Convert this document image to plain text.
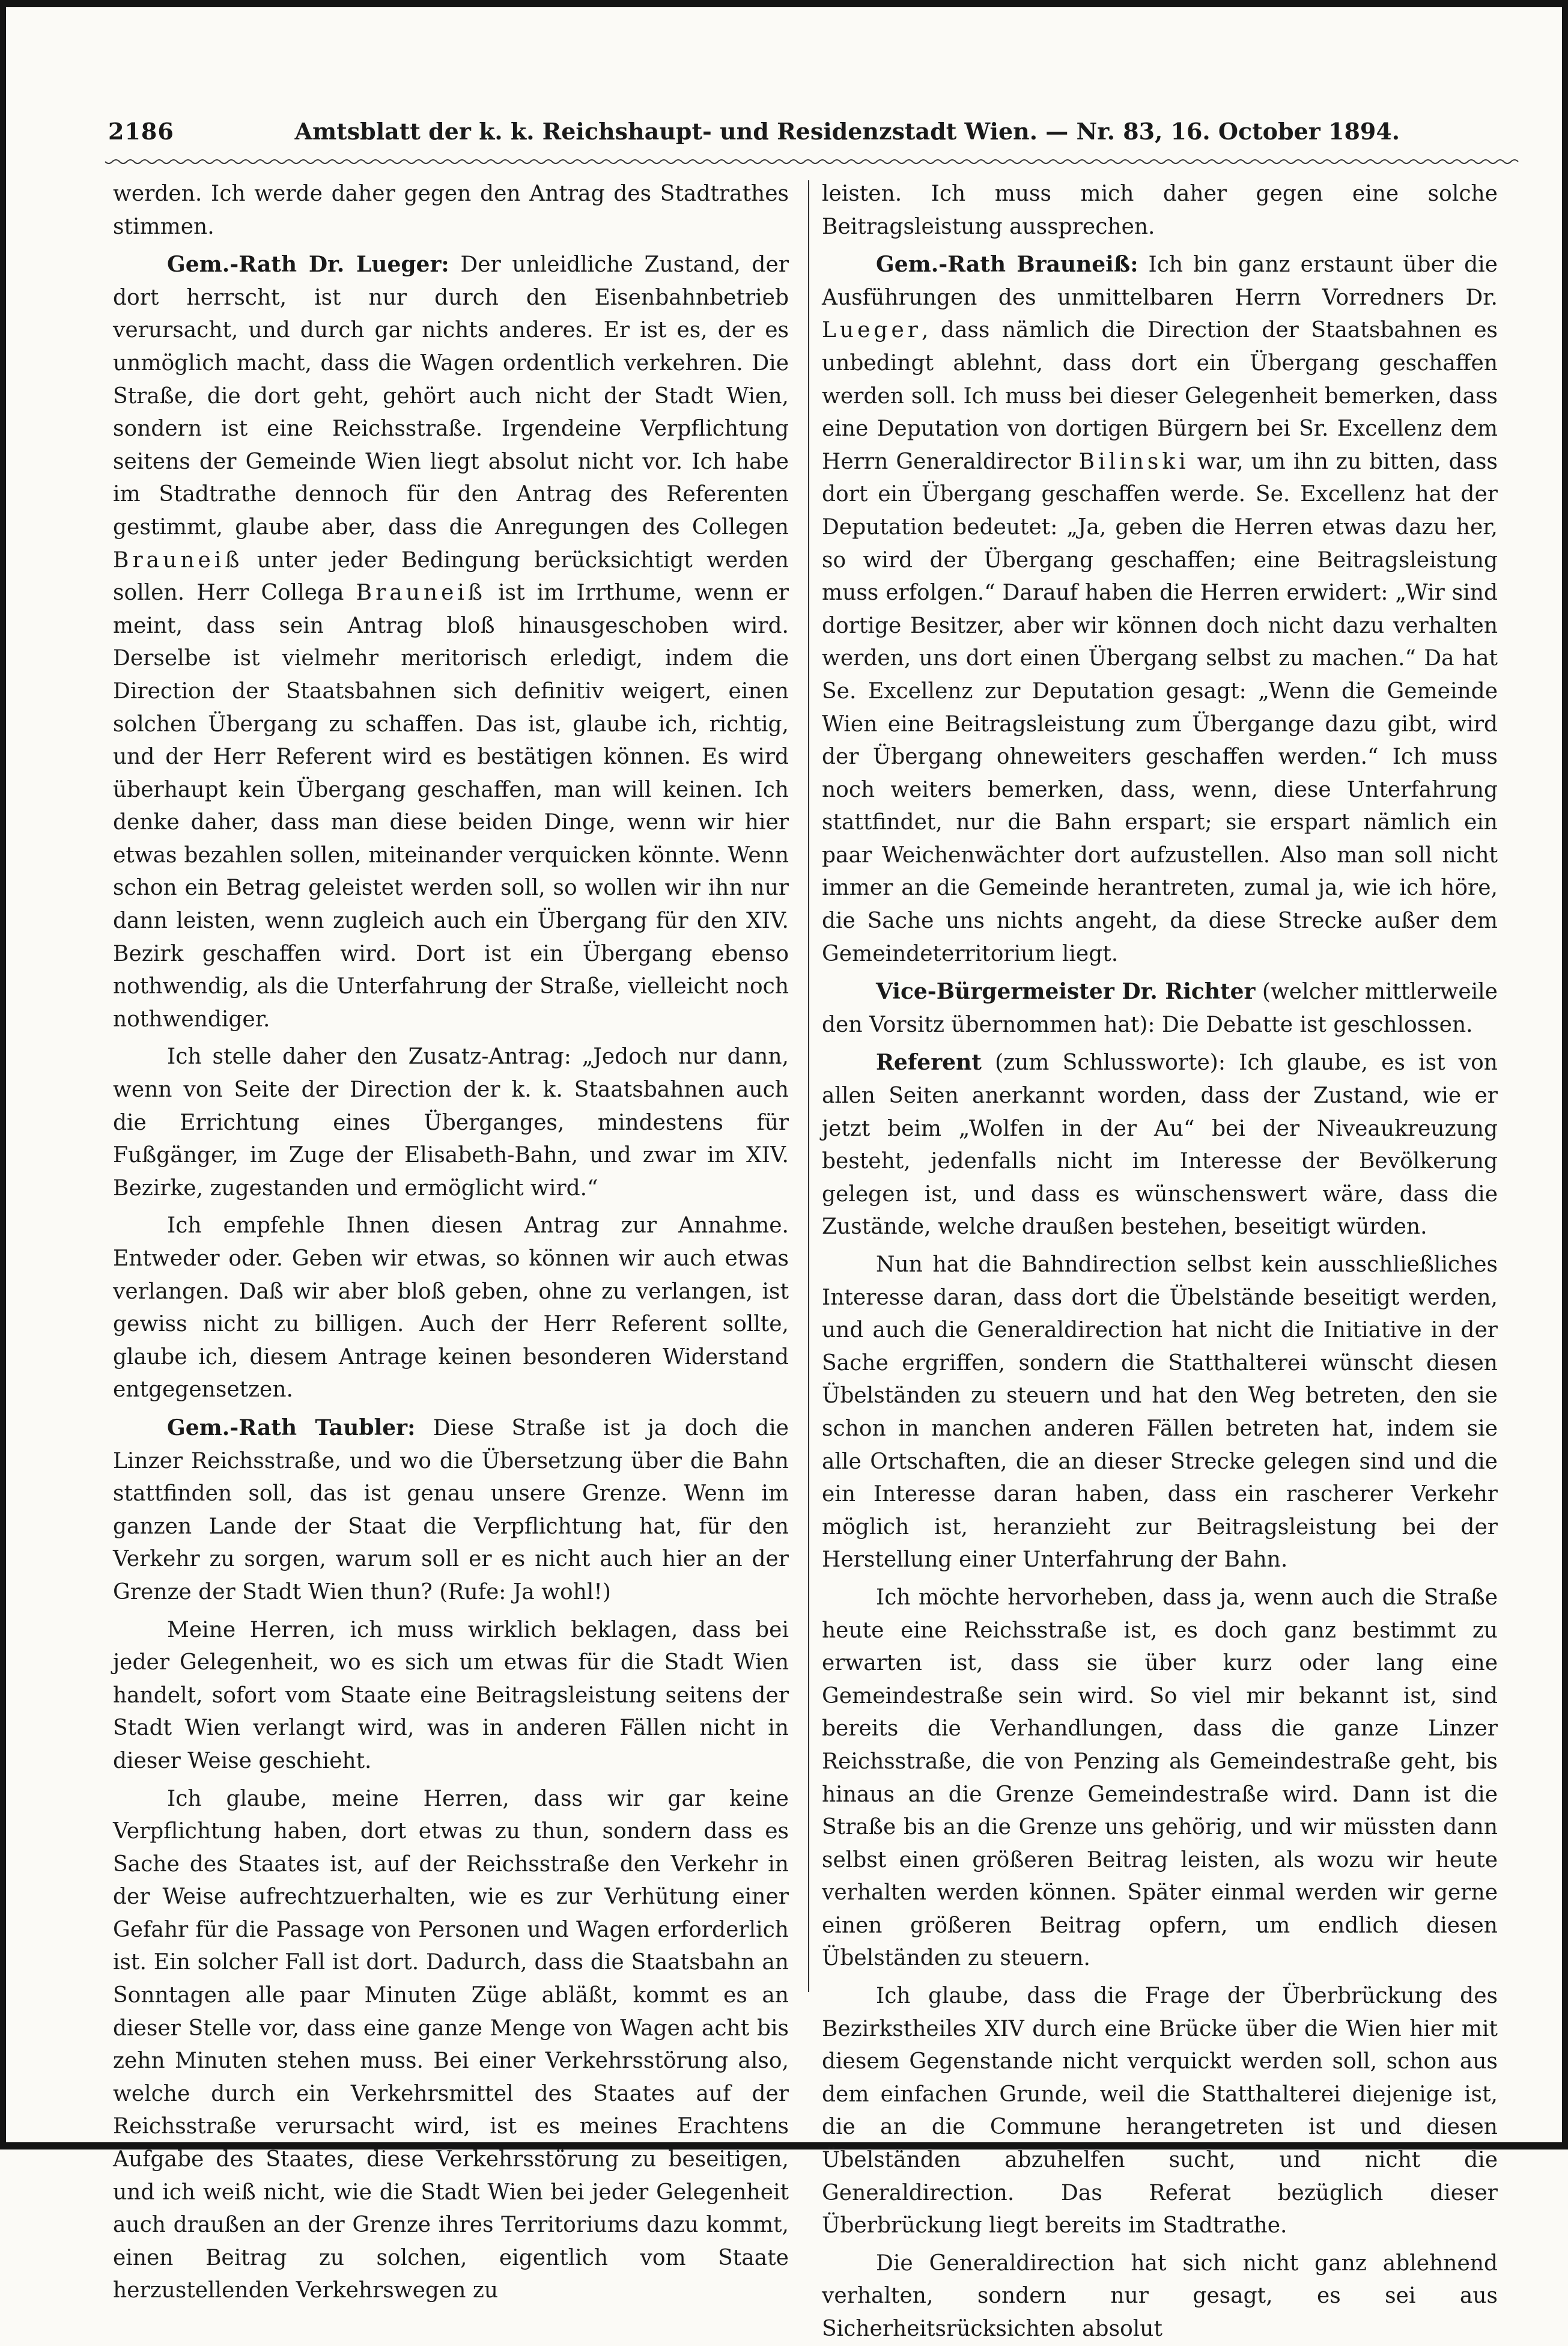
2186	Amtsblatt der k. k. Reichshaupt- und Residenzstadt Wien. — Nr. 83, 16. October 1894.

werden. Ich werde daher gegen den Antrag des Stadtrathes stimmen.

Gem.-Rath Dr. Lueger: Der unleidliche Zustand, der dort herrscht, ist nur durch den Eisenbahnbetrieb verursacht, und durch gar nichts anderes. Er ist es, der es unmöglich macht, dass die Wagen ordentlich verkehren. Die Straße, die dort geht, gehört auch nicht der Stadt Wien, sondern ist eine Reichsstraße. Irgendeine Verpflichtung seitens der Gemeinde Wien liegt absolut nicht vor. Ich habe im Stadtrathe dennoch für den Antrag des Referenten gestimmt, glaube aber, dass die Anregungen des Collegen Brauneiß unter jeder Bedingung berücksichtigt werden sollen. Herr Collega Brauneiß ist im Irrthume, wenn er meint, dass sein Antrag bloß hinausgeschoben wird. Derselbe ist vielmehr meritorisch erledigt, indem die Direction der Staatsbahnen sich definitiv weigert, einen solchen Übergang zu schaffen. Das ist, glaube ich, richtig, und der Herr Referent wird es bestätigen können. Es wird überhaupt kein Übergang geschaffen, man will keinen. Ich denke daher, dass man diese beiden Dinge, wenn wir hier etwas bezahlen sollen, miteinander verquicken könnte. Wenn schon ein Betrag geleistet werden soll, so wollen wir ihn nur dann leisten, wenn zugleich auch ein Übergang für den XIV. Bezirk geschaffen wird. Dort ist ein Übergang ebenso nothwendig, als die Unterfahrung der Straße, vielleicht noch nothwendiger.

Ich stelle daher den Zusatz-Antrag: „Jedoch nur dann, wenn von Seite der Direction der k. k. Staatsbahnen auch die Errichtung eines Überganges, mindestens für Fußgänger, im Zuge der Elisabeth-Bahn, und zwar im XIV. Bezirke, zugestanden und ermöglicht wird.“

Ich empfehle Ihnen diesen Antrag zur Annahme. Entweder oder. Geben wir etwas, so können wir auch etwas verlangen. Daß wir aber bloß geben, ohne zu verlangen, ist gewiss nicht zu billigen. Auch der Herr Referent sollte, glaube ich, diesem Antrage keinen besonderen Widerstand entgegensetzen.

Gem.-Rath Taubler: Diese Straße ist ja doch die Linzer Reichsstraße, und wo die Übersetzung über die Bahn stattfinden soll, das ist genau unsere Grenze. Wenn im ganzen Lande der Staat die Verpflichtung hat, für den Verkehr zu sorgen, warum soll er es nicht auch hier an der Grenze der Stadt Wien thun? (Rufe: Ja wohl!)

Meine Herren, ich muss wirklich beklagen, dass bei jeder Gelegenheit, wo es sich um etwas für die Stadt Wien handelt, sofort vom Staate eine Beitragsleistung seitens der Stadt Wien verlangt wird, was in anderen Fällen nicht in dieser Weise geschieht.

Ich glaube, meine Herren, dass wir gar keine Verpflichtung haben, dort etwas zu thun, sondern dass es Sache des Staates ist, auf der Reichsstraße den Verkehr in der Weise aufrechtzuerhalten, wie es zur Verhütung einer Gefahr für die Passage von Personen und Wagen erforderlich ist. Ein solcher Fall ist dort. Dadurch, dass die Staatsbahn an Sonntagen alle paar Minuten Züge abläßt, kommt es an dieser Stelle vor, dass eine ganze Menge von Wagen acht bis zehn Minuten stehen muss. Bei einer Verkehrsstörung also, welche durch ein Verkehrsmittel des Staates auf der Reichsstraße verursacht wird, ist es meines Erachtens Aufgabe des Staates, diese Verkehrsstörung zu beseitigen, und ich weiß nicht, wie die Stadt Wien bei jeder Gelegenheit auch draußen an der Grenze ihres Territoriums dazu kommt, einen Beitrag zu solchen, eigentlich vom Staate herzustellenden Verkehrswegen zu

leisten. Ich muss mich daher gegen eine solche Beitragsleistung aussprechen.

Gem.-Rath Brauneiß: Ich bin ganz erstaunt über die Ausführungen des unmittelbaren Herrn Vorredners Dr. Lueger, dass nämlich die Direction der Staatsbahnen es unbedingt ablehnt, dass dort ein Übergang geschaffen werden soll. Ich muss bei dieser Gelegenheit bemerken, dass eine Deputation von dortigen Bürgern bei Sr. Excellenz dem Herrn Generaldirector Bilinski war, um ihn zu bitten, dass dort ein Übergang geschaffen werde. Se. Excellenz hat der Deputation bedeutet: „Ja, geben die Herren etwas dazu her, so wird der Übergang geschaffen; eine Beitragsleistung muss erfolgen.“ Darauf haben die Herren erwidert: „Wir sind dortige Besitzer, aber wir können doch nicht dazu verhalten werden, uns dort einen Übergang selbst zu machen.“ Da hat Se. Excellenz zur Deputation gesagt: „Wenn die Gemeinde Wien eine Beitragsleistung zum Übergange dazu gibt, wird der Übergang ohneweiters geschaffen werden.“ Ich muss noch weiters bemerken, dass, wenn, diese Unterfahrung stattfindet, nur die Bahn erspart; sie erspart nämlich ein paar Weichenwächter dort aufzustellen. Also man soll nicht immer an die Gemeinde herantreten, zumal ja, wie ich höre, die Sache uns nichts angeht, da diese Strecke außer dem Gemeindeterritorium liegt.

Vice-Bürgermeister Dr. Richter (welcher mittlerweile den Vorsitz übernommen hat): Die Debatte ist geschlossen.

Referent (zum Schlussworte): Ich glaube, es ist von allen Seiten anerkannt worden, dass der Zustand, wie er jetzt beim „Wolfen in der Au“ bei der Niveaukreuzung besteht, jedenfalls nicht im Interesse der Bevölkerung gelegen ist, und dass es wünschenswert wäre, dass die Zustände, welche draußen bestehen, beseitigt würden.

Nun hat die Bahndirection selbst kein ausschließliches Interesse daran, dass dort die Übelstände beseitigt werden, und auch die Generaldirection hat nicht die Initiative in der Sache ergriffen, sondern die Statthalterei wünscht diesen Übelständen zu steuern und hat den Weg betreten, den sie schon in manchen anderen Fällen betreten hat, indem sie alle Ortschaften, die an dieser Strecke gelegen sind und die ein Interesse daran haben, dass ein rascherer Verkehr möglich ist, heranzieht zur Beitragsleistung bei der Herstellung einer Unterfahrung der Bahn.

Ich möchte hervorheben, dass ja, wenn auch die Straße heute eine Reichsstraße ist, es doch ganz bestimmt zu erwarten ist, dass sie über kurz oder lang eine Gemeindestraße sein wird. So viel mir bekannt ist, sind bereits die Verhandlungen, dass die ganze Linzer Reichsstraße, die von Penzing als Gemeindestraße geht, bis hinaus an die Grenze Gemeindestraße wird. Dann ist die Straße bis an die Grenze uns gehörig, und wir müssten dann selbst einen größeren Beitrag leisten, als wozu wir heute verhalten werden können. Später einmal werden wir gerne einen größeren Beitrag opfern, um endlich diesen Übelständen zu steuern.

Ich glaube, dass die Frage der Überbrückung des Bezirkstheiles XIV durch eine Brücke über die Wien hier mit diesem Gegenstande nicht verquickt werden soll, schon aus dem einfachen Grunde, weil die Statthalterei diejenige ist, die an die Commune herangetreten ist und diesen Übelständen abzuhelfen sucht, und nicht die Generaldirection. Das Referat bezüglich dieser Überbrückung liegt bereits im Stadtrathe.

Die Generaldirection hat sich nicht ganz ablehnend verhalten, sondern nur gesagt, es sei aus Sicherheitsrücksichten absolut
